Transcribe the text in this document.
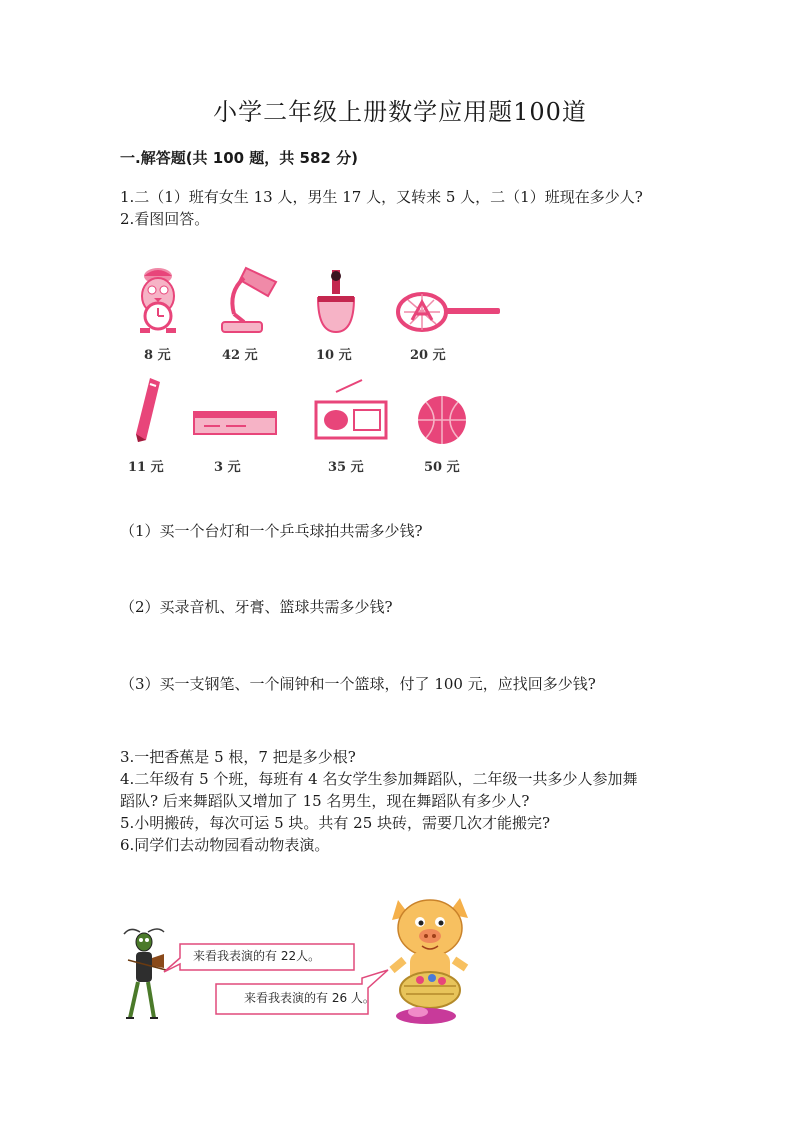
小学二年级上册数学应用题100道
一.解答题(共 100 题，共 582 分)
1.二（1）班有女生 13 人，男生 17 人，又转来 5 人，二（1）班现在多少人?
2.看图回答。
8 元	42 元	10 元	20 元
11 元	3 元	35 元	50 元
（1）买一个台灯和一个乒乓球拍共需多少钱?
（2）买录音机、牙膏、篮球共需多少钱?
（3）买一支钢笔、一个闹钟和一个篮球，付了 100 元，应找回多少钱?
3.一把香蕉是 5 根，7 把是多少根?
4.二年级有 5 个班，每班有 4 名女学生参加舞蹈队，二年级一共多少人参加舞
蹈队? 后来舞蹈队又增加了 15 名男生，现在舞蹈队有多少人?
5.小明搬砖，每次可运 5 块。共有 25 块砖，需要几次才能搬完?
6.同学们去动物园看动物表演。
来看我表演的有 22人。
来看我表演的有 26 人。
